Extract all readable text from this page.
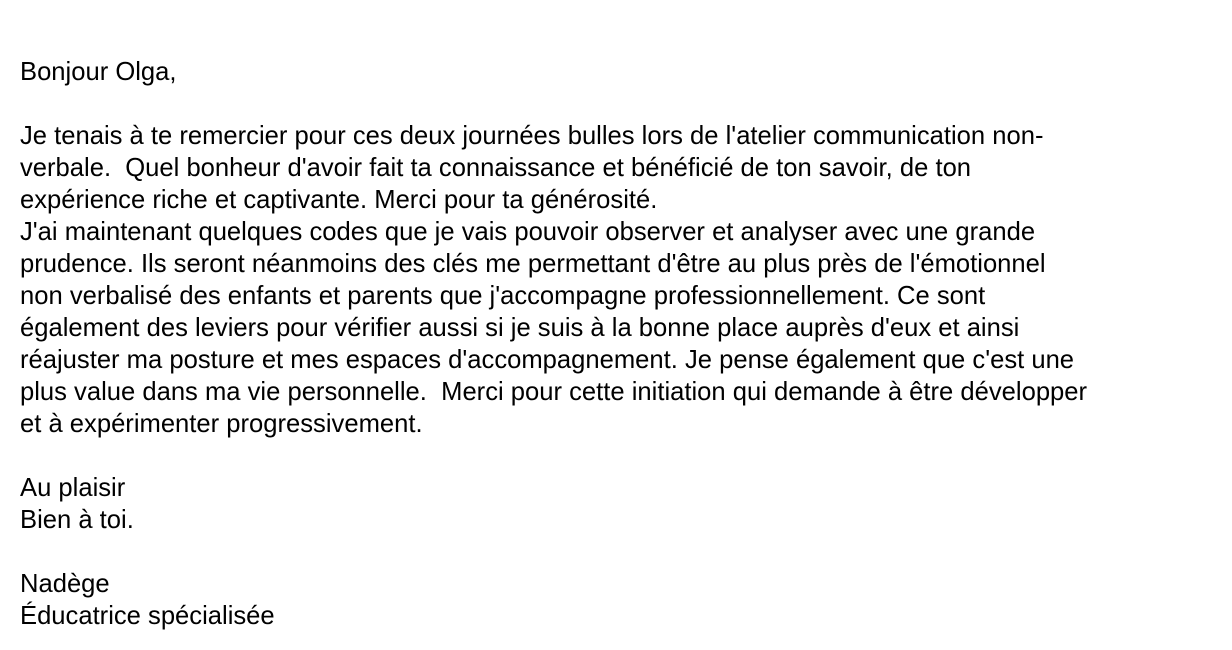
Bonjour Olga,
Je tenais à te remercier pour ces deux journées bulles lors de l'atelier communication non-
verbale.  Quel bonheur d'avoir fait ta connaissance et bénéficié de ton savoir, de ton
expérience riche et captivante. Merci pour ta générosité.
J'ai maintenant quelques codes que je vais pouvoir observer et analyser avec une grande
prudence. Ils seront néanmoins des clés me permettant d'être au plus près de l'émotionnel
non verbalisé des enfants et parents que j'accompagne professionnellement. Ce sont
également des leviers pour vérifier aussi si je suis à la bonne place auprès d'eux et ainsi
réajuster ma posture et mes espaces d'accompagnement. Je pense également que c'est une
plus value dans ma vie personnelle.  Merci pour cette initiation qui demande à être développer
et à expérimenter progressivement.
Au plaisir
Bien à toi.
Nadège
Éducatrice spécialisée
